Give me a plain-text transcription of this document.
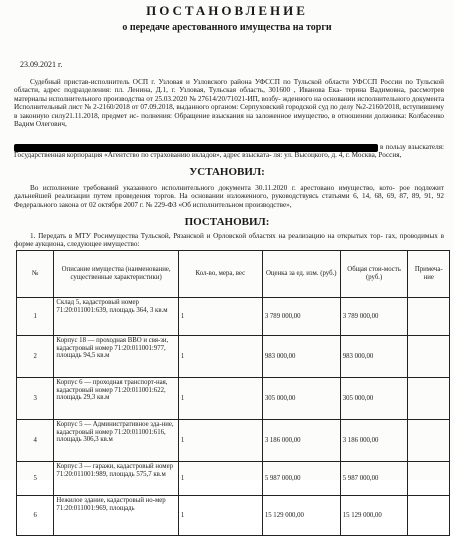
ПОСТАНОВЛЕНИЕ
о передаче арестованного имущества на торги
23.09.2021 г.
Судебный пристав-исполнитель ОСП г. Узловая и Узловского района УФССП по Тульской области УФССП России по Тульской области, адрес подразделения: пл. Ленина, Д.1, г. Узловая, Тульская область, 301600 , Иванова Ека- терина Вадимовна, рассмотрев материалы исполнительного производства от 25.03.2020 № 27614/20/71021-ИП, возбу- жденного на основании исполнительного документа Исполнительный лист № 2-2160/2018 от 07.09.2018, выданного органом: Серпуховский городской суд по делу №2-2160/2018, вступившему в законную силу21.11.2018, предмет ис- полнения: Обращение взыскания на заложенное имущество, в отношении должника: Колбасенко Вадим Олегович,
в пользу взыскателя: Государственная корпорация «Агентство по страхованию вкладов», адрес взыската- ля: ул. Высоцкого, д. 4, г. Москва, Россия,
УСТАНОВИЛ:
Во исполнение требований указанного исполнительного документа 30.11.2020 г. арестовано имущество, кото- рое подлежит дальнейшей реализации путем проведения торгов. На основании изложенного, руководствуясь статьями 6, 14, 68, 69, 87, 89, 91, 92 Федерального закона от 02 октября 2007 г. № 229-ФЗ «Об исполнительном производстве»,
ПОСТАНОВИЛ:
1. Передать в МТУ Росимущества Тульской, Рязанской и Орловской областях на реализацию на открытых тор- гах, проводимых в форме аукциона, следующее имущество:
№	Описание имущества (наименование, существенные характеристики)	Кол-во, мера, вес	Оценка за ед. изм. (руб.)	Общая стои-мость (руб.)	Примеча-ние
1	Склад 5, кадастровый номер 71:20:011001:639, площадь 364, 3 кв.м	1	3 789 000,00	3 789 000,00	
2	Корпус 18 — проходная ВВО и свя-зи, кадастровый номер 71:20:011001:977, площадь 94,5 кв.м	1	983 000,00	983 000,00	
3	Корпус 6 — проходная транспорт-ная, кадастровый номер 71:20:011001:622, площадь 29,3 кв.м	1	305 000,00	305 000,00	
4	Корпус 5 — Административное зда-ние, кадастровый номер 71:20:011001:616, площадь 306,3 кв.м	1	3 186 000,00	3 186 000,00	
5	Корпус 3 — гаражи, кадастровый номер 71:20:011001:989, площадь 575,7 кв.м	1	5 987 000,00	5 987 000,00	
6	Нежилое здание, кадастровый но-мер 71:20:011001:969, площадь	1	15 129 000,00	15 129 000,00	
